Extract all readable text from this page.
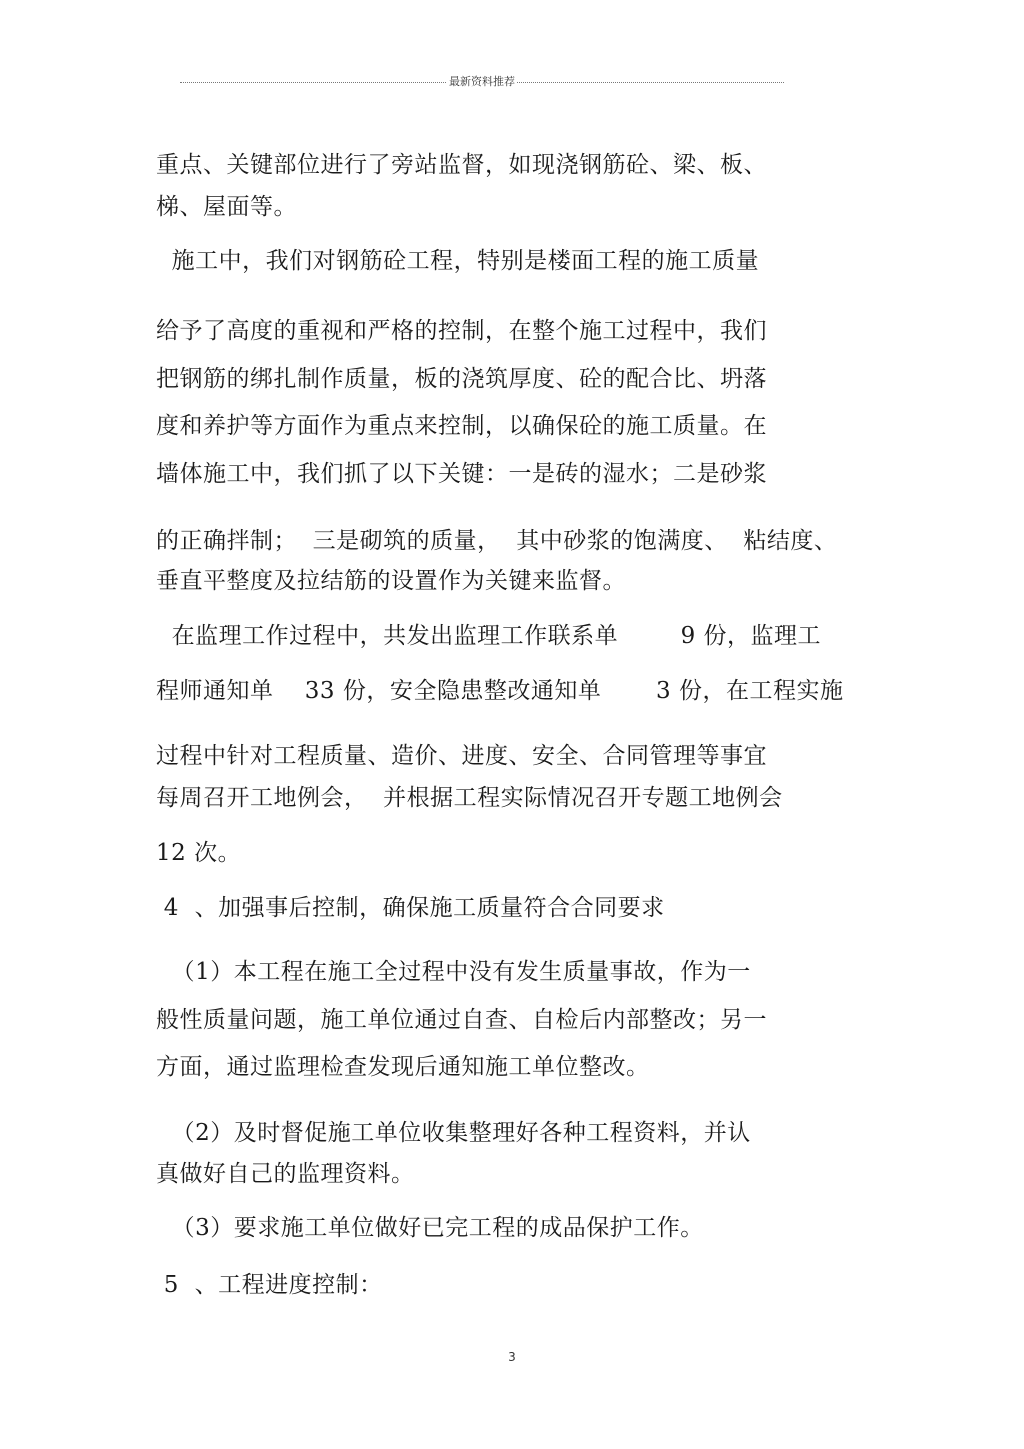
最新资料推荐
重点、关键部位进行了旁站监督，如现浇钢筋砼、梁、板、
梯、屋面等。
施工中，我们对钢筋砼工程，特别是楼面工程的施工质量
给予了高度的重视和严格的控制，在整个施工过程中，我们
把钢筋的绑扎制作质量，板的浇筑厚度、砼的配合比、坍落
度和养护等方面作为重点来控制，以确保砼的施工质量。在
墙体施工中，我们抓了以下关键：一是砖的湿水；二是砂浆
的正确拌制；  三是砌筑的质量，  其中砂浆的饱满度、  粘结度、
垂直平整度及拉结筋的设置作为关键来监督。
在监理工作过程中，共发出监理工作联系单        9 份，监理工
程师通知单    33 份，安全隐患整改通知单       3 份，在工程实施
过程中针对工程质量、造价、进度、安全、合同管理等事宜
每周召开工地例会，  并根据工程实际情况召开专题工地例会
12 次。
4  、加强事后控制，确保施工质量符合合同要求
（1）本工程在施工全过程中没有发生质量事故，作为一
般性质量问题，施工单位通过自查、自检后内部整改；另一
方面，通过监理检查发现后通知施工单位整改。
（2）及时督促施工单位收集整理好各种工程资料，并认
真做好自己的监理资料。
（3）要求施工单位做好已完工程的成品保护工作。
5  、工程进度控制：
3
